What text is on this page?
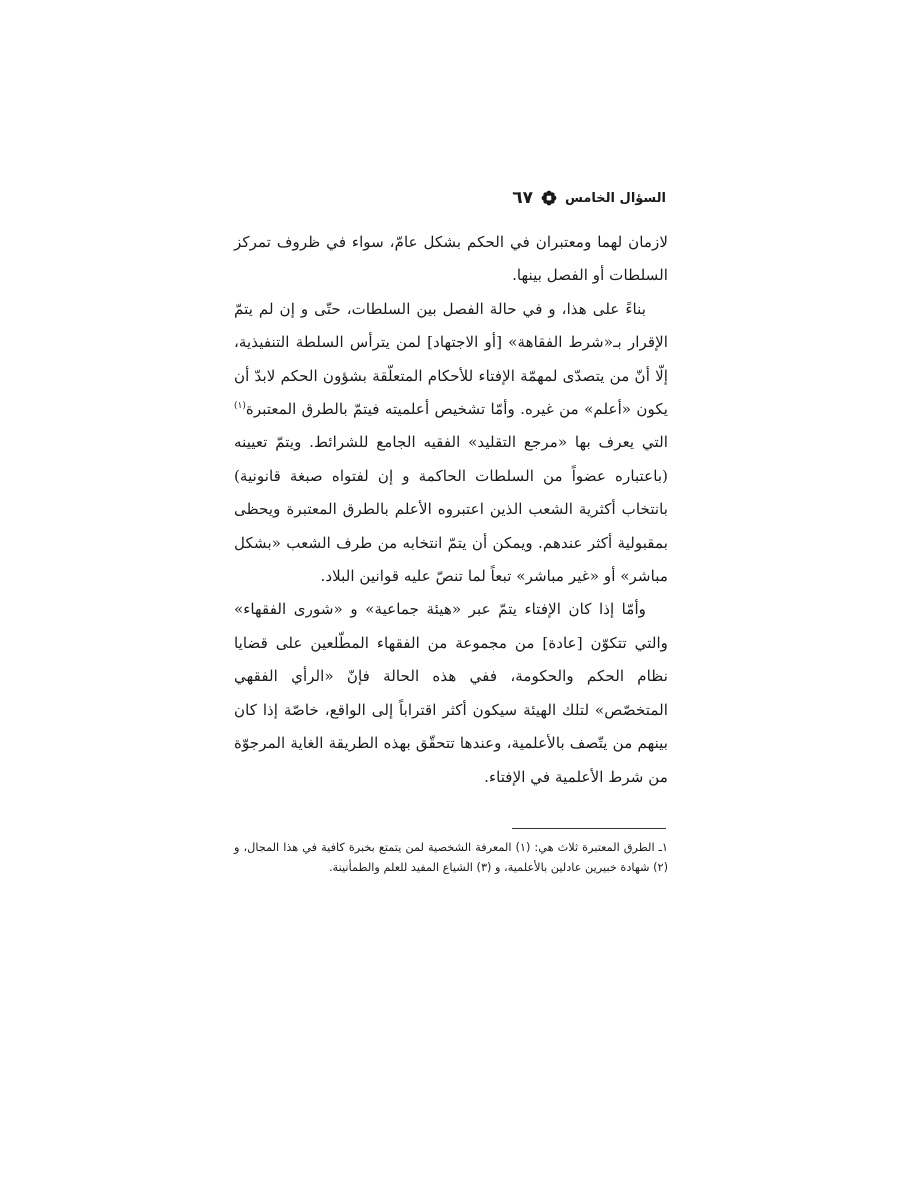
السؤال الخامس
٦٧

لازمان لهما ومعتبران في الحكم بشكل عامّ، سواء في ظروف تمركز السلطات أو الفصل بينها.

بناءً على هذا، و في حالة الفصل بين السلطات، حتّى و إن لم يتمّ الإقرار بـ«شرط الفقاهة» [أو الاجتهاد] لمن يترأس السلطة التنفيذية، إلّا أنّ من يتصدّى لمهمّة الإفتاء للأحكام المتعلّقة بشؤون الحكم لابدّ أن يكون «أعلم» من غيره. وأمّا تشخيص أعلميته فيتمّ بالطرق المعتبرة$^{(١)}$ التي يعرف بها «مرجع التقليد» الفقيه الجامع للشرائط. ويتمّ تعيينه (باعتباره عضواً من السلطات الحاكمة و إن لفتواه صبغة قانونية) بانتخاب أكثرية الشعب الذين اعتبروه الأعلم بالطرق المعتبرة ويحظى بمقبولية أكثر عندهم. ويمكن أن يتمّ انتخابه من طرف الشعب «بشكل مباشر» أو «غير مباشر» تبعاً لما تنصّ عليه قوانين البلاد.

وأمّا إذا كان الإفتاء يتمّ عبر «هيئة جماعية» و «شورى الفقهاء» والتي تتكوّن [عادة] من مجموعة من الفقهاء المطّلعين على قضايا نظام الحكم والحكومة، ففي هذه الحالة فإنّ «الرأي الفقهي المتخصّص» لتلك الهيئة سيكون أكثر اقتراباً إلى الواقع، خاصّة إذا كان بينهم من يتّصف بالأعلمية، وعندها تتحقّق بهذه الطريقة الغاية المرجوّة من شرط الأعلمية في الإفتاء.

١ـ الطرق المعتبرة ثلاث هي: (١) المعرفة الشخصية لمن يتمتع بخبرة كافية في هذا المجال، و (٢) شهادة خبيرين عادلين بالأعلمية، و (٣) الشياع المفيد للعلم والطمأنينة.
